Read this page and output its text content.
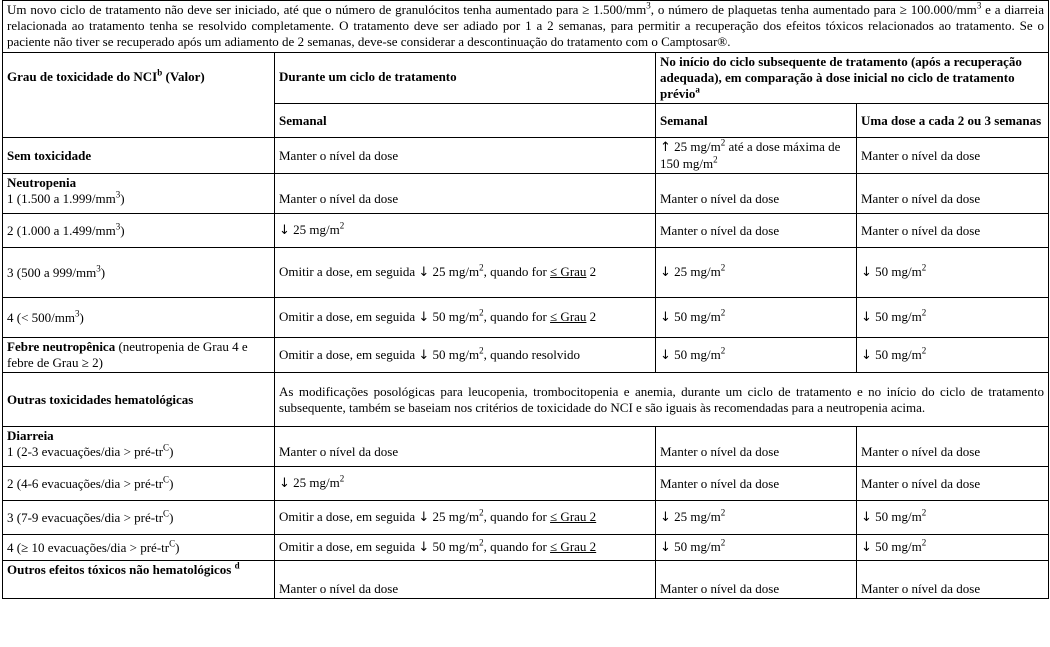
Um novo ciclo de tratamento não deve ser iniciado, até que o número de granulócitos tenha aumentado para ≥ $1.500/mm^3$, o número de plaquetas tenha aumentado para ≥ $100.000/mm^3$ e a diarreia relacionada ao tratamento tenha se resolvido completamente. O tratamento deve ser adiado por 1 a 2 semanas, para permitir a recuperação dos efeitos tóxicos relacionados ao tratamento. Se o paciente não tiver se recuperado após um adiamento de 2 semanas, deve-se considerar a descontinuação do tratamento com o Camptosar®.			
Grau de toxicidade do NCI$^b$ (Valor)	Durante um ciclo de tratamento	No início do ciclo subsequente de tratamento (após a recuperação adequada), em comparação à dose inicial no ciclo de tratamento prévio$^a$
	Semanal	Semanal	Uma dose a cada 2 ou 3 semanas
Sem toxicidade	Manter o nível da dose	↑ 25 $mg/m^2$ até a dose máxima de 150 $mg/m^2$	Manter o nível da dose

Neutropenia
1 (1.500 a $1.999/mm^3$)	Manter o nível da dose	Manter o nível da dose	Manter o nível da dose
2 (1.000 a $1.499/mm^3$)	↓ 25 $mg/m^2$	Manter o nível da dose	Manter o nível da dose
3 (500 a $999/mm^3$)	Omitir a dose, em seguida ↓ 25 $mg/m^2$, quando for ≤ Grau 2	↓ 25 $mg/m^2$	↓ 50 $mg/m^2$
4 (< $500/mm^3$)	Omitir a dose, em seguida ↓ 50 $mg/m^2$, quando for ≤ Grau 2	↓ 50 $mg/m^2$	↓ 50 $mg/m^2$
Febre neutropênica (neutropenia de Grau 4 e febre de Grau ≥ 2)	Omitir a dose, em seguida ↓ 50 $mg/m^2$, quando resolvido	↓ 50 $mg/m^2$	↓ 50 $mg/m^2$
Outras toxicidades hematológicas	As modificações posológicas para leucopenia, trombocitopenia e anemia, durante um ciclo de tratamento e no início do ciclo de tratamento subsequente, também se baseiam nos critérios de toxicidade do NCI e são iguais às recomendadas para a neutropenia acima.		

Diarreia
1 (2-3 evacuações/dia > pré-$tr^C$)	Manter o nível da dose	Manter o nível da dose	Manter o nível da dose
2 (4-6 evacuações/dia > pré-$tr^C$)	↓ 25 $mg/m^2$	Manter o nível da dose	Manter o nível da dose
3 (7-9 evacuações/dia > pré-$tr^C$)	Omitir a dose, em seguida ↓ 25 $mg/m^2$, quando for ≤ Grau 2	↓ 25 $mg/m^2$	↓ 50 $mg/m^2$
4 (≥ 10 evacuações/dia > pré-$tr^C$)	Omitir a dose, em seguida ↓ 50 $mg/m^2$, quando for ≤ Grau 2	↓ 50 $mg/m^2$	↓ 50 $mg/m^2$
Outros efeitos tóxicos não hematológicos $^d$	Manter o nível da dose	Manter o nível da dose	Manter o nível da dose
